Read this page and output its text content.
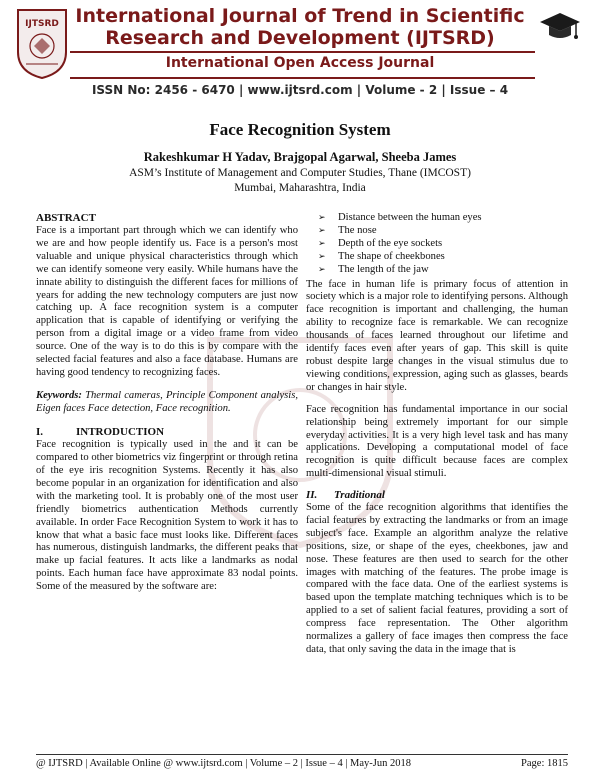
IJTSRD International Journal of Trend in Scientific
Research and Development (IJTSRD)
International Open Access Journal
ISSN No: 2456 - 6470 | www.ijtsrd.com | Volume - 2 | Issue – 4
Face Recognition System
Rakeshkumar H Yadav, Brajgopal Agarwal, Sheeba James
ASM’s Institute of Management and Computer Studies, Thane (IMCOST)
Mumbai, Maharashtra, India

ABSTRACT

Face is a important part through which we can identify who we are and how people identify us. Face is a person's most valuable and unique physical characteristics through which we can identify someone very easily. While humans have the innate ability to distinguish the different faces for millions of years for adding the new technology computers are just now catching up. A face recognition system is a computer application that is capable of identifying or verifying the person from a digital image or a video frame from video source. One of the way is to do this is by compare with the selected facial features and also a face database. Humans are having good tendency to recognizing faces.

Keywords: Thermal cameras, Principle Component analysis, Eigen faces Face detection, Face recognition.

I.	INTRODUCTION

Face recognition is typically used in the and it can be compared to other biometrics viz fingerprint or through retina of the eye iris recognition Systems. Recently it has also become popular in an organization for identification and also with the marketing tool. It is probably one of the most user friendly biometrics authentication Methods currently available. In order Face Recognition System to work it has to know that what a basic face must looks like. Different faces has numerous, distinguish landmarks, the different peaks that make up facial features. It acts like a landmarks as nodal points. Each human face have approximate 83 nodal points. Some of the measured by the software are:

➢ Distance between the human eyes
➢ The nose
➢ Depth of the eye sockets
➢ The shape of cheekbones
➢ The length of the jaw

The face in human life is primary focus of attention in society which is a major role to identifying persons. Although face recognition is important and challenging, the human ability to recognize face is remarkable. We can recognize thousands of faces learned throughout our lifetime and identify faces even after years of gap. This skill is quite robust despite large changes in the visual stimulus due to viewing conditions, expression, aging such as glasses, beards or changes in hair style.

Face recognition has fundamental importance in our social relationship being extremely important for our simple everyday activities. It is a very high level task and has many applications. Developing a computational model of face recognition is quite difficult because faces are complex multi-dimensional visual stimuli.

II. Traditional

Some of the face recognition algorithms that identifies the facial features by extracting the landmarks or from an image subject's face. Example an algorithm analyze the relative positions, size, or shape of the eyes, cheekbones, jaw and nose. These features are then used to search for the other images with matching of the features. The probe image is compared with the face data. One of the earliest systems is based upon the template matching techniques which is to be applied to a set of salient facial features, providing a sort of compress face representation. The Other algorithm normalizes a gallery of face images then compress the face data, that only saving the data in the image that is

@ IJTSRD | Available Online @ www.ijtsrd.com | Volume – 2 | Issue – 4 | May-Jun 2018	Page: 1815
